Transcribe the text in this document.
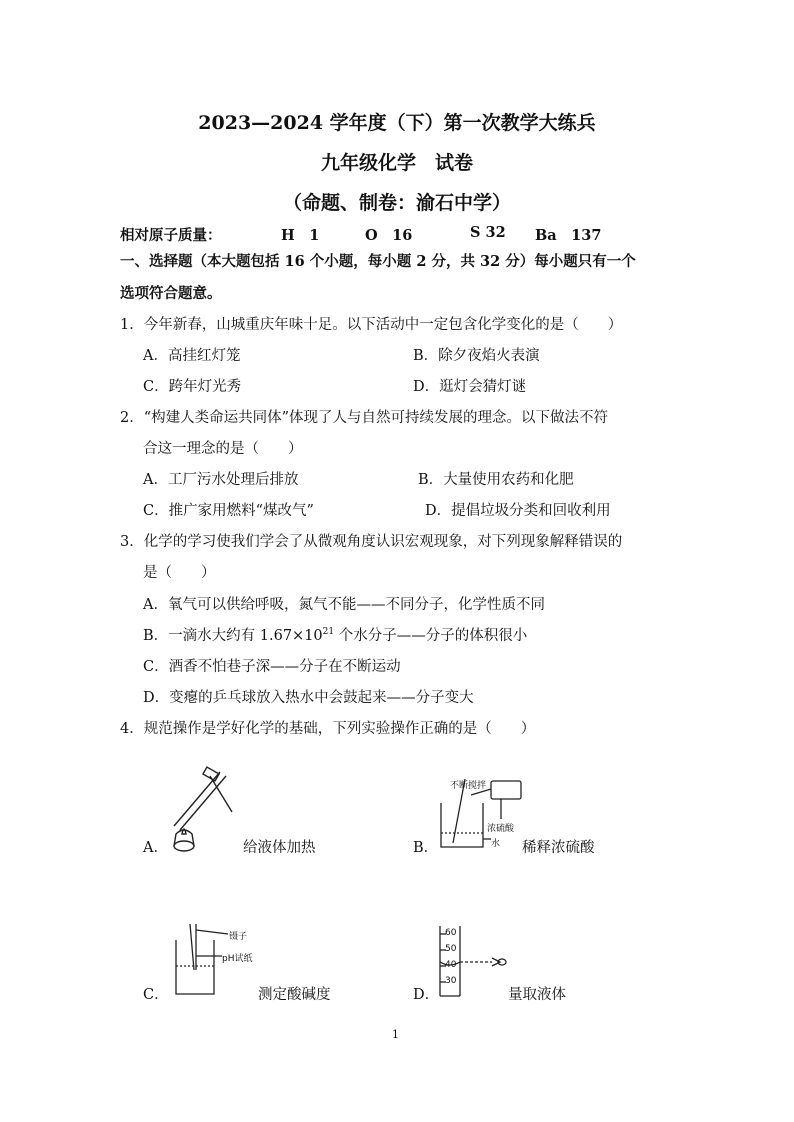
2023—2024 学年度（下）第一次教学大练兵
九年级化学　试卷
（命题、制卷：渝石中学）
相对原子质量：	H　1	O　16	S 32 Ba　137
一、选择题（本大题包括 16 个小题，每小题 2 分，共 32 分）每小题只有一个
选项符合题意。
1．今年新春，山城重庆年味十足。以下活动中一定包含化学变化的是（　　）
A．高挂红灯笼	B．除夕夜焰火表演
C．跨年灯光秀	D．逛灯会猜灯谜
2．“构建人类命运共同体”体现了人与自然可持续发展的理念。以下做法不符
合这一理念的是（　　）
A．工厂污水处理后排放	B．大量使用农药和化肥
C．推广家用燃料“煤改气”	D．提倡垃圾分类和回收利用
3．化学的学习使我们学会了从微观角度认识宏观现象，对下列现象解释错误的
是（　　）
A．氧气可以供给呼吸，氮气不能——不同分子，化学性质不同
B．一滴水大约有 $1.67\times 10^{21}$ 个水分子——分子的体积很小
C．酒香不怕巷子深——分子在不断运动
D．变瘪的乒乓球放入热水中会鼓起来——分子变大
4．规范操作是学好化学的基础，下列实验操作正确的是（　　）
A．	给液体加热	B．
不断搅拌
浓硫酸
水 稀释浓硫酸
C．
镊子
pH试纸
测定酸碱度	D．
60
50
40
30
量取液体
1
